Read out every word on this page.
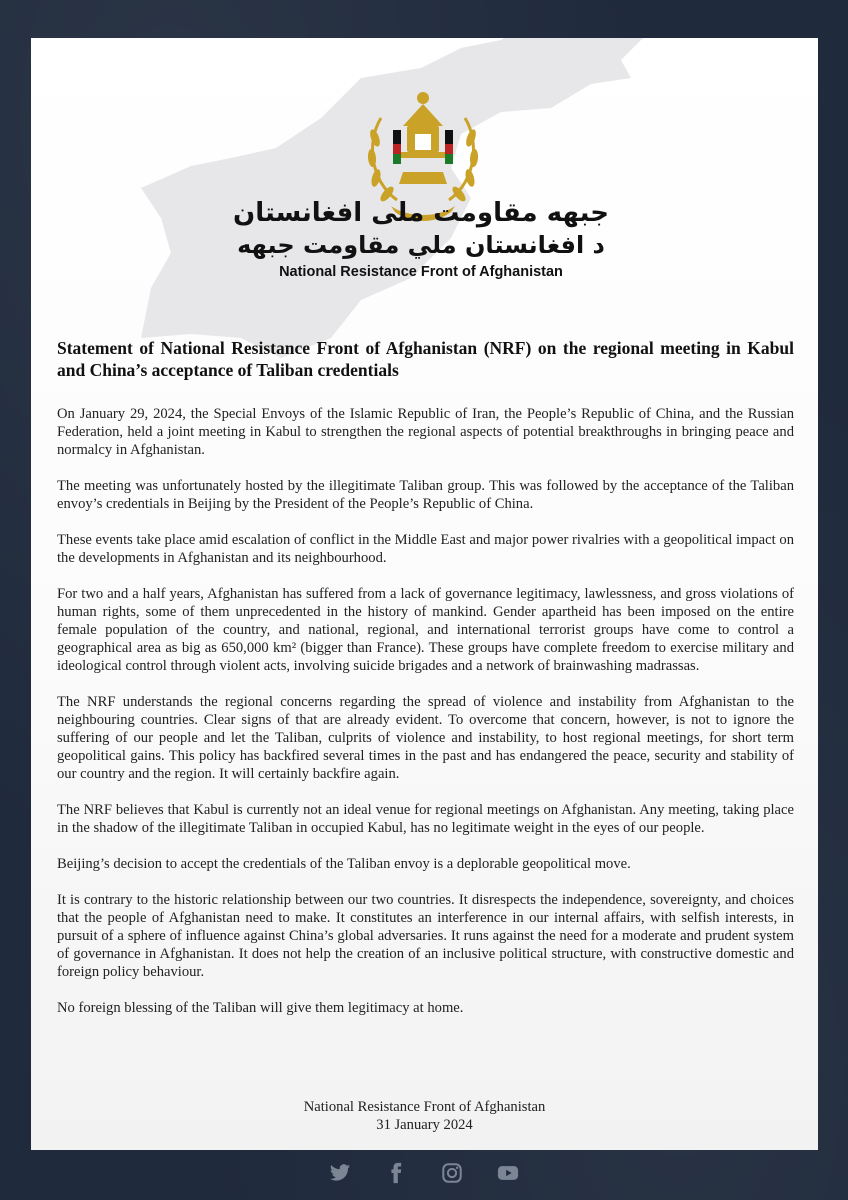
جبهه مقاومت ملی افغانستان
د افغانستان ملي مقاومت جبهه
National Resistance Front of Afghanistan
Statement of National Resistance Front of Afghanistan (NRF) on the regional meeting in Kabul and China’s acceptance of Taliban credentials

On January 29, 2024, the Special Envoys of the Islamic Republic of Iran, the People’s Republic of China, and the Russian Federation, held a joint meeting in Kabul to strengthen the regional aspects of potential breakthroughs in bringing peace and normalcy in Afghanistan.

The meeting was unfortunately hosted by the illegitimate Taliban group. This was followed by the acceptance of the Taliban envoy’s credentials in Beijing by the President of the People’s Republic of China.

These events take place amid escalation of conflict in the Middle East and major power rivalries with a geopolitical impact on the developments in Afghanistan and its neighbourhood.

For two and a half years, Afghanistan has suffered from a lack of governance legitimacy, lawlessness, and gross violations of human rights, some of them unprecedented in the history of mankind. Gender apartheid has been imposed on the entire female population of the country, and national, regional, and international terrorist groups have come to control a geographical area as big as 650,000 km² (bigger than France). These groups have complete freedom to exercise military and ideological control through violent acts, involving suicide brigades and a network of brainwashing madrassas.

The NRF understands the regional concerns regarding the spread of violence and instability from Afghanistan to the neighbouring countries. Clear signs of that are already evident. To overcome that concern, however, is not to ignore the suffering of our people and let the Taliban, culprits of violence and instability, to host regional meetings, for short term geopolitical gains. This policy has backfired several times in the past and has endangered the peace, security and stability of our country and the region. It will certainly backfire again.

The NRF believes that Kabul is currently not an ideal venue for regional meetings on Afghanistan. Any meeting, taking place in the shadow of the illegitimate Taliban in occupied Kabul, has no legitimate weight in the eyes of our people.

Beijing’s decision to accept the credentials of the Taliban envoy is a deplorable geopolitical move.

It is contrary to the historic relationship between our two countries. It disrespects the independence, sovereignty, and choices that the people of Afghanistan need to make. It constitutes an interference in our internal affairs, with selfish interests, in pursuit of a sphere of influence against China’s global adversaries. It runs against the need for a moderate and prudent system of governance in Afghanistan. It does not help the creation of an inclusive political structure, with constructive domestic and foreign policy behaviour.

No foreign blessing of the Taliban will give them legitimacy at home.

National Resistance Front of Afghanistan
31 January 2024
